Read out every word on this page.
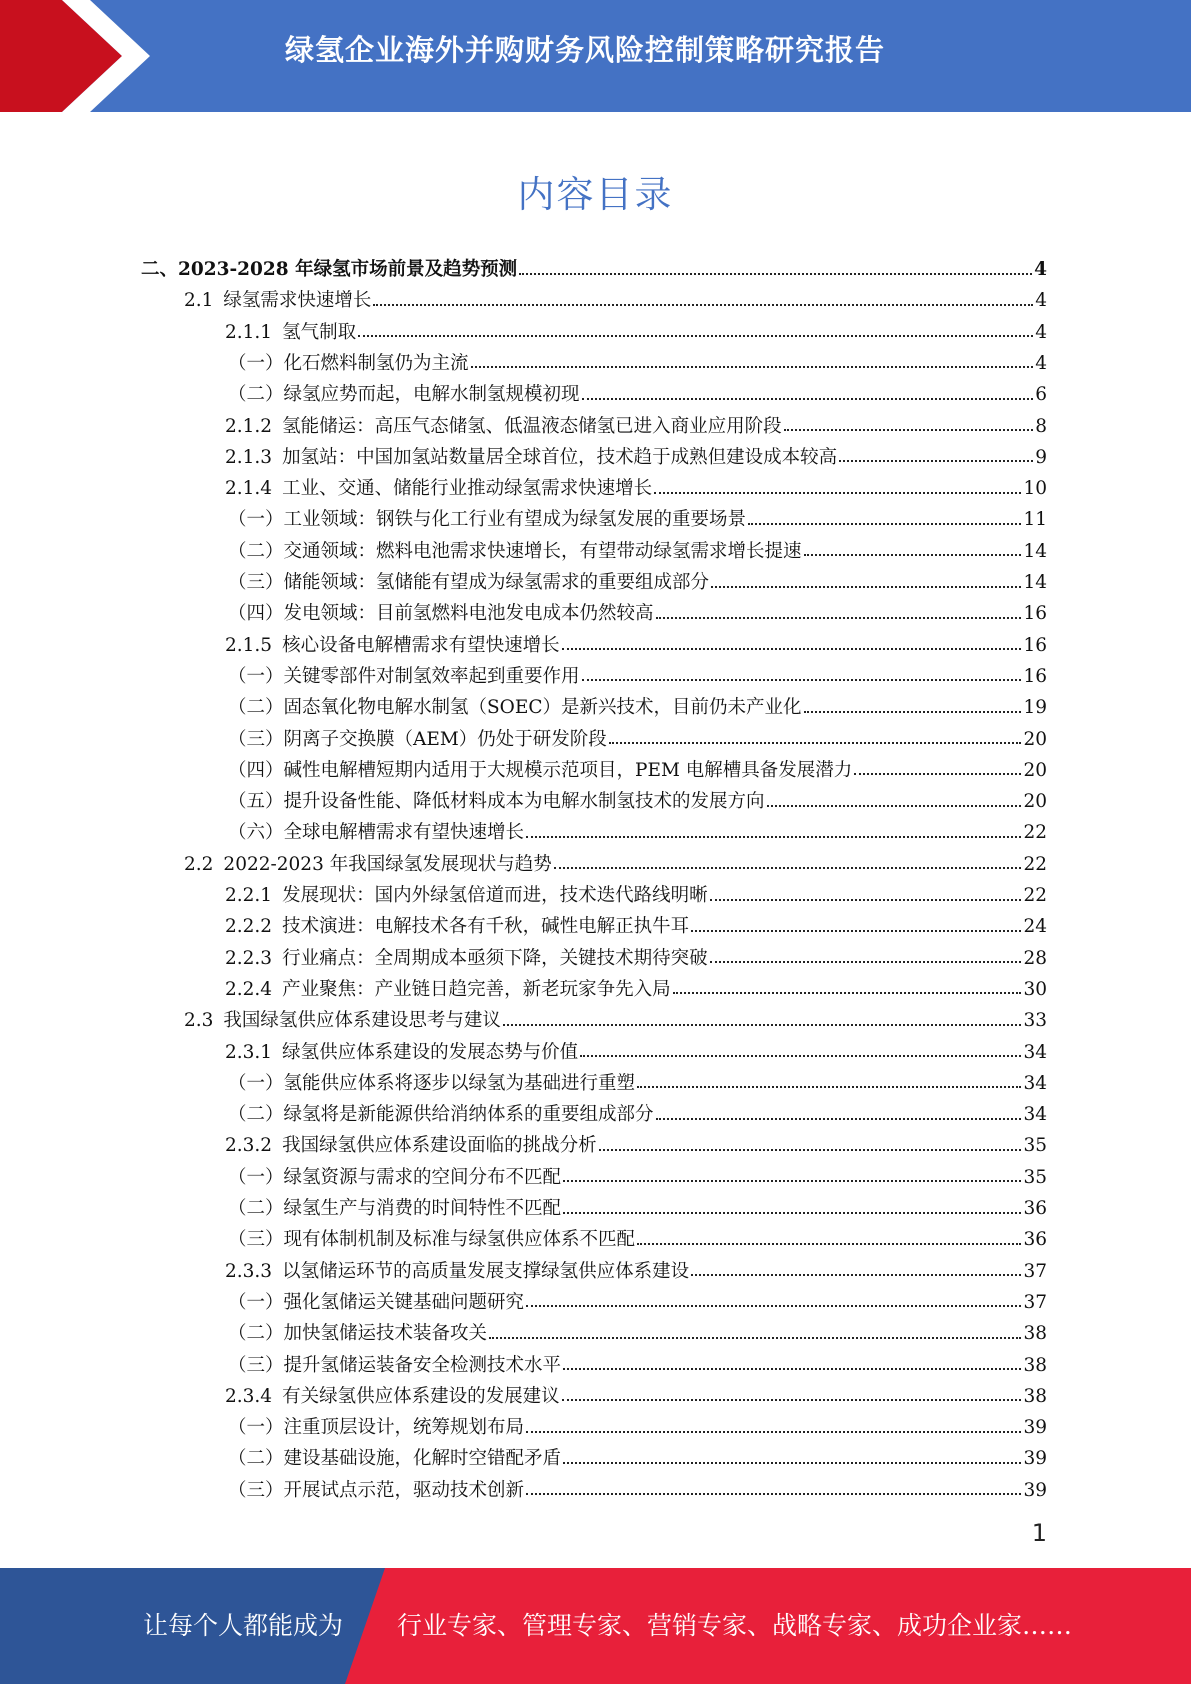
绿氢企业海外并购财务风险控制策略研究报告
内容目录
二、2023-2028 年绿氢市场前景及趋势预测	4
2.1 绿氢需求快速增长	4
2.1.1 氢气制取	4
（一）化石燃料制氢仍为主流	4
（二）绿氢应势而起，电解水制氢规模初现	6
2.1.2 氢能储运：高压气态储氢、低温液态储氢已进入商业应用阶段	8
2.1.3 加氢站：中国加氢站数量居全球首位，技术趋于成熟但建设成本较高	9
2.1.4 工业、交通、储能行业推动绿氢需求快速增长	10
（一）工业领域：钢铁与化工行业有望成为绿氢发展的重要场景	11
（二）交通领域：燃料电池需求快速增长，有望带动绿氢需求增长提速	14
（三）储能领域：氢储能有望成为绿氢需求的重要组成部分	14
（四）发电领域：目前氢燃料电池发电成本仍然较高	16
2.1.5 核心设备电解槽需求有望快速增长	16
（一）关键零部件对制氢效率起到重要作用	16
（二）固态氧化物电解水制氢（SOEC）是新兴技术，目前仍未产业化	19
（三）阴离子交换膜（AEM）仍处于研发阶段	20
（四）碱性电解槽短期内适用于大规模示范项目，PEM 电解槽具备发展潜力	20
（五）提升设备性能、降低材料成本为电解水制氢技术的发展方向	20
（六）全球电解槽需求有望快速增长	22
2.2 2022-2023 年我国绿氢发展现状与趋势	22
2.2.1 发展现状：国内外绿氢倍道而进，技术迭代路线明晰	22
2.2.2 技术演进：电解技术各有千秋，碱性电解正执牛耳	24
2.2.3 行业痛点：全周期成本亟须下降，关键技术期待突破	28
2.2.4 产业聚焦：产业链日趋完善，新老玩家争先入局	30
2.3 我国绿氢供应体系建设思考与建议	33
2.3.1 绿氢供应体系建设的发展态势与价值	34
（一）氢能供应体系将逐步以绿氢为基础进行重塑	34
（二）绿氢将是新能源供给消纳体系的重要组成部分	34
2.3.2 我国绿氢供应体系建设面临的挑战分析	35
（一）绿氢资源与需求的空间分布不匹配	35
（二）绿氢生产与消费的时间特性不匹配	36
（三）现有体制机制及标准与绿氢供应体系不匹配	36
2.3.3 以氢储运环节的高质量发展支撑绿氢供应体系建设	37
（一）强化氢储运关键基础问题研究	37
（二）加快氢储运技术装备攻关	38
（三）提升氢储运装备安全检测技术水平	38
2.3.4 有关绿氢供应体系建设的发展建议	38
（一）注重顶层设计，统筹规划布局	39
（二）建设基础设施，化解时空错配矛盾	39
（三）开展试点示范，驱动技术创新	39
1
让每个人都能成为 行业专家、管理专家、营销专家、战略专家、成功企业家……
